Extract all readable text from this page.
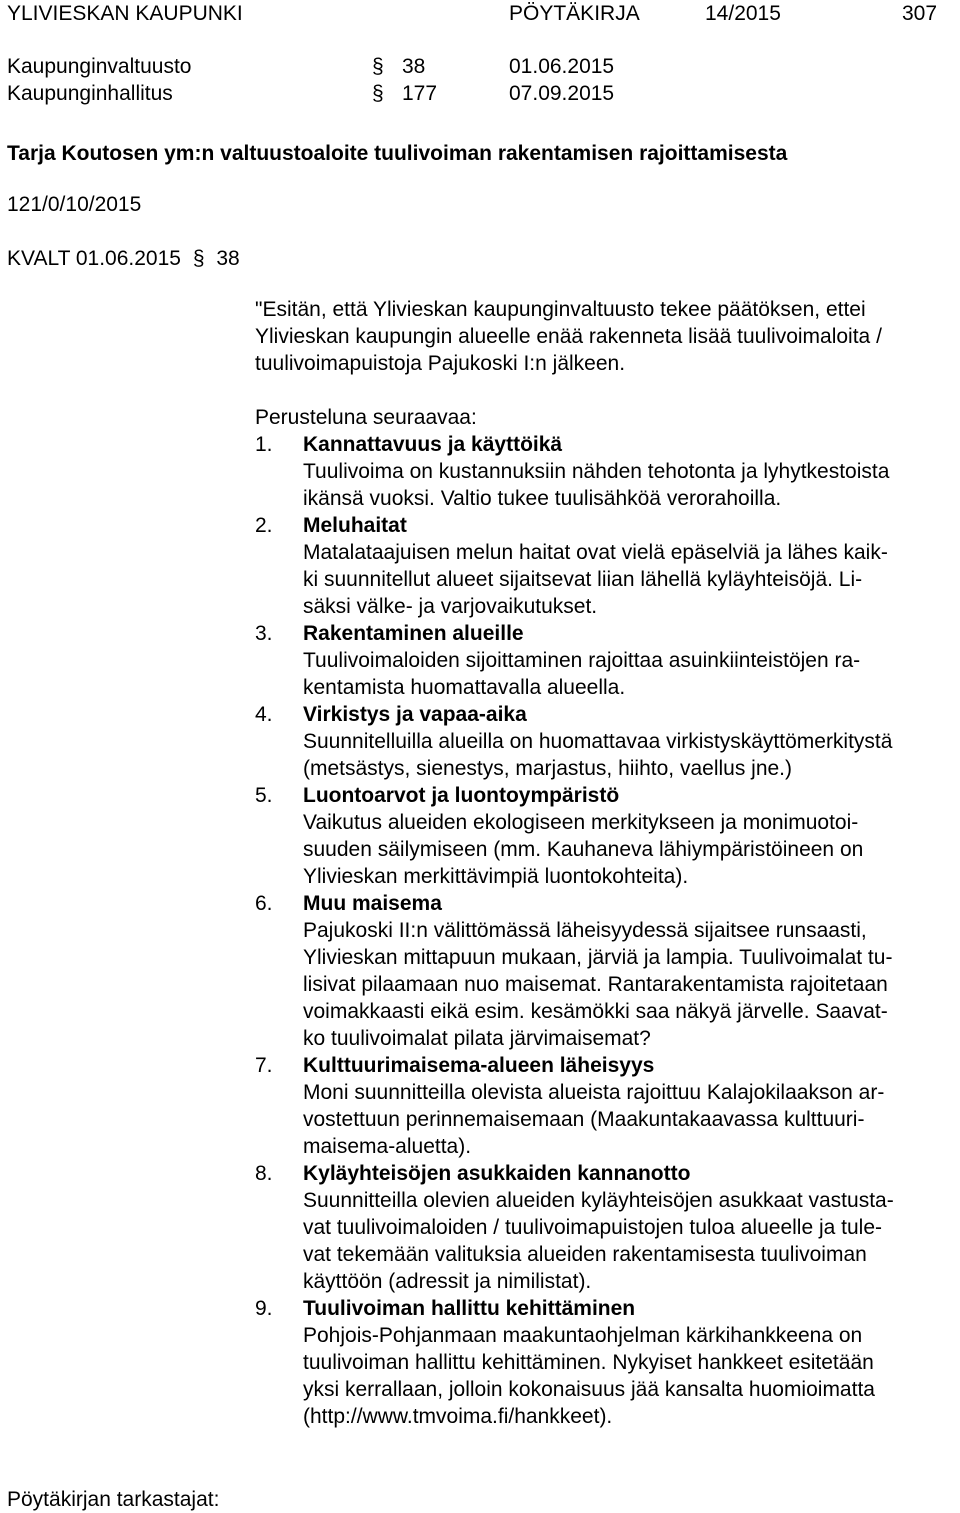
YLIVIESKAN KAUPUNKI	PÖYTÄKIRJA	14/2015	307
Kaupunginvaltuusto	§ 38	01.06.2015
Kaupunginhallitus	§ 177	07.09.2015
Tarja Koutosen ym:n valtuustoaloite tuulivoiman rakentamisen rajoittamisesta
121/0/10/2015
KVALT 01.06.2015 § 38
"Esitän, että Ylivieskan kaupunginvaltuusto tekee päätöksen, ettei
Ylivieskan kaupungin alueelle enää rakenneta lisää tuulivoimaloita /
tuulivoimapuistoja Pajukoski I:n jälkeen.
Perusteluna seuraavaa:
1. Kannattavuus ja käyttöikä
Tuulivoima on kustannuksiin nähden tehotonta ja lyhytkestoista
ikänsä vuoksi. Valtio tukee tuulisähköä verorahoilla.
2. Meluhaitat
Matalataajuisen melun haitat ovat vielä epäselviä ja lähes kaik-
ki suunnitellut alueet sijaitsevat liian lähellä kyläyhteisöjä. Li-
säksi välke- ja varjovaikutukset.
3. Rakentaminen alueille
Tuulivoimaloiden sijoittaminen rajoittaa asuinkiinteistöjen ra-
kentamista huomattavalla alueella.
4. Virkistys ja vapaa-aika
Suunnitelluilla alueilla on huomattavaa virkistyskäyttömerkitystä
(metsästys, sienestys, marjastus, hiihto, vaellus jne.)
5. Luontoarvot ja luontoympäristö
Vaikutus alueiden ekologiseen merkitykseen ja monimuotoi-
suuden säilymiseen (mm. Kauhaneva lähiympäristöineen on
Ylivieskan merkittävimpiä luontokohteita).
6. Muu maisema
Pajukoski II:n välittömässä läheisyydessä sijaitsee runsaasti,
Ylivieskan mittapuun mukaan, järviä ja lampia. Tuulivoimalat tu-
lisivat pilaamaan nuo maisemat. Rantarakentamista rajoitetaan
voimakkaasti eikä esim. kesämökki saa näkyä järvelle. Saavat-
ko tuulivoimalat pilata järvimaisemat?
7. Kulttuurimaisema-alueen läheisyys
Moni suunnitteilla olevista alueista rajoittuu Kalajokilaakson ar-
vostettuun perinnemaisemaan (Maakuntakaavassa kulttuuri-
maisema-aluetta).
8. Kyläyhteisöjen asukkaiden kannanotto
Suunnitteilla olevien alueiden kyläyhteisöjen asukkaat vastusta-
vat tuulivoimaloiden / tuulivoimapuistojen tuloa alueelle ja tule-
vat tekemään valituksia alueiden rakentamisesta tuulivoiman
käyttöön (adressit ja nimilistat).
9. Tuulivoiman hallittu kehittäminen
Pohjois-Pohjanmaan maakuntaohjelman kärkihankkeena on
tuulivoiman hallittu kehittäminen. Nykyiset hankkeet esitetään
yksi kerrallaan, jolloin kokonaisuus jää kansalta huomioimatta
(http://www.tmvoima.fi/hankkeet).
Pöytäkirjan tarkastajat:
